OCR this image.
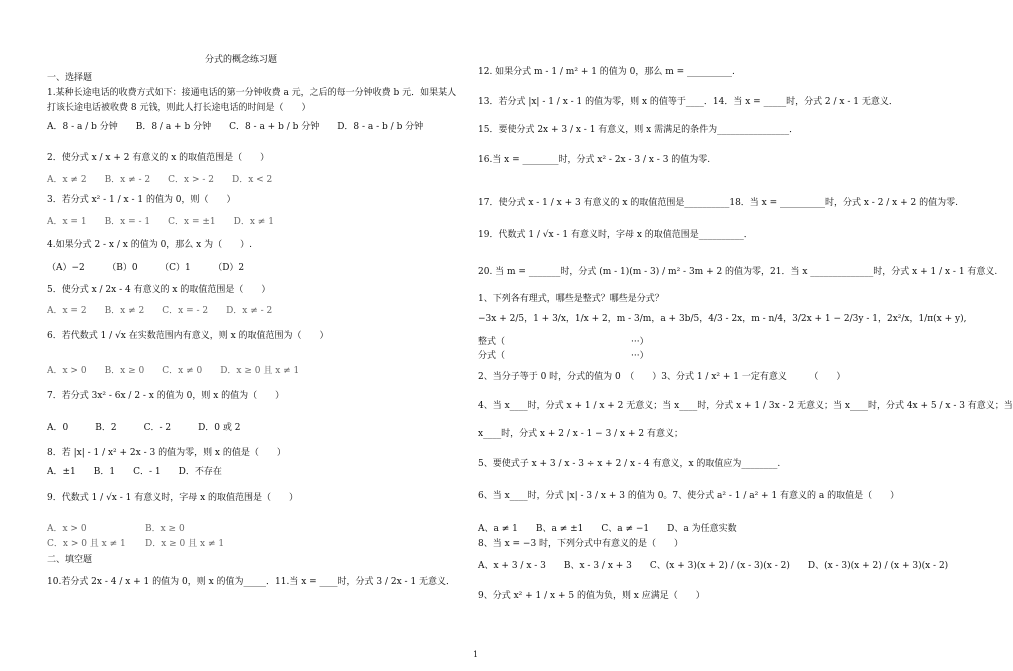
分式的概念练习题
一、选择题
1.某种长途电话的收费方式如下：接通电话的第一分钟收费 a 元，之后的每一分钟收费 b 元．如果某人
打该长途电话被收费 8 元钱，则此人打长途电话的时间是（　　）
A．8 - a / b 分钟　　B．8 / a + b 分钟　　C．8 - a + b / b 分钟　　D．8 - a - b / b 分钟
2．使分式 x / x + 2 有意义的 x 的取值范围是（　　）
A．x ≠ 2　　B．x ≠ - 2　　C．x > - 2　　D．x < 2
3．若分式 x² - 1 / x - 1 的值为 0，则（　　）
A．x = 1　　B．x = - 1　　C．x = ±1　　D．x ≠ 1
4.如果分式 2 - x / x 的值为 0，那么 x 为（　　）.
（A）−2　　　（B）0　　　（C）1　　　（D）2
5．使分式 x / 2x - 4 有意义的 x 的取值范围是（　　）
A．x = 2　　B．x ≠ 2　　C．x = - 2　　D．x ≠ - 2
6．若代数式 1 / √x 在实数范围内有意义，则 x 的取值范围为（　　）
A．x > 0　　B．x ≥ 0　　C．x ≠ 0　　D．x ≥ 0 且 x ≠ 1
7．若分式 3x² - 6x / 2 - x 的值为 0，则 x 的值为（　　）
A．0　　　B．2　　　C．- 2　　　D．0 或 2
8．若 |x| - 1 / x² + 2x - 3 的值为零，则 x 的值是（　　）
A．±1　　B．1　　C．- 1　　D．不存在
9．代数式 1 / √x - 1 有意义时，字母 x 的取值范围是（　　）
A．x > 0	B．x ≥ 0
C．x > 0 且 x ≠ 1 D．x ≥ 0 且 x ≠ 1
二、填空题
10.若分式 2x - 4 / x + 1 的值为 0，则 x 的值为_____．11.当 x = ____时，分式 3 / 2x - 1 无意义．
12. 如果分式 m - 1 / m² + 1 的值为 0，那么 m = __________.
13．若分式 |x| - 1 / x - 1 的值为零，则 x 的值等于____．14．当 x = _____时，分式 2 / x - 1 无意义．
15．要使分式 2x + 3 / x - 1 有意义，则 x 需满足的条件为________________．
16.当 x = ________时，分式 x² - 2x - 3 / x - 3 的值为零.
17．使分式 x - 1 / x + 3 有意义的 x 的取值范围是__________18．当 x = __________时，分式 x - 2 / x + 2 的值为零.
19．代数式 1 / √x - 1 有意义时，字母 x 的取值范围是__________．
20. 当 m = _______时，分式 (m - 1)(m - 3) / m² - 3m + 2 的值为零，21．当 x ______________时，分式 x + 1 / x - 1 有意义.
1、下列各有理式，哪些是整式？哪些是分式？
−3x + 2/5，1 + 3/x，1/x + 2，m - 3/m，a + 3b/5，4/3 - 2x，m - n/4，3/2x + 1 − 2/3y - 1，2x²/x，1/π(x + y),
整式（　　　　　　　　　　　　　　···）
分式（　　　　　　　　　　　　　　···）
2、当分子等于 0 时，分式的值为 0　（　　）3、分式 1 / x² + 1 一定有意义　　　（　　）
4、当 x____时，分式 x + 1 / x + 2 无意义；当 x____时，分式 x + 1 / 3x - 2 无意义；当 x____时，分式 4x + 5 / x - 3 有意义；当
x____时，分式 x + 2 / x - 1 − 3 / x + 2 有意义；
5、要使式子 x + 3 / x - 3 ÷ x + 2 / x - 4 有意义，x 的取值应为________.
6、当 x____时，分式 |x| - 3 / x + 3 的值为 0。7、使分式 a² - 1 / a² + 1 有意义的 a 的取值是（　　）
A、a ≠ 1　　B、a ≠ ±1　　C、a ≠ −1　　D、a 为任意实数
8、当 x = −3 时，下列分式中有意义的是（　　）
A、x + 3 / x - 3　　B、x - 3 / x + 3　　C、(x + 3)(x + 2) / (x - 3)(x - 2)　　D、(x - 3)(x + 2) / (x + 3)(x - 2)
9、分式 x² + 1 / x + 5 的值为负，则 x 应满足（　　）
1
